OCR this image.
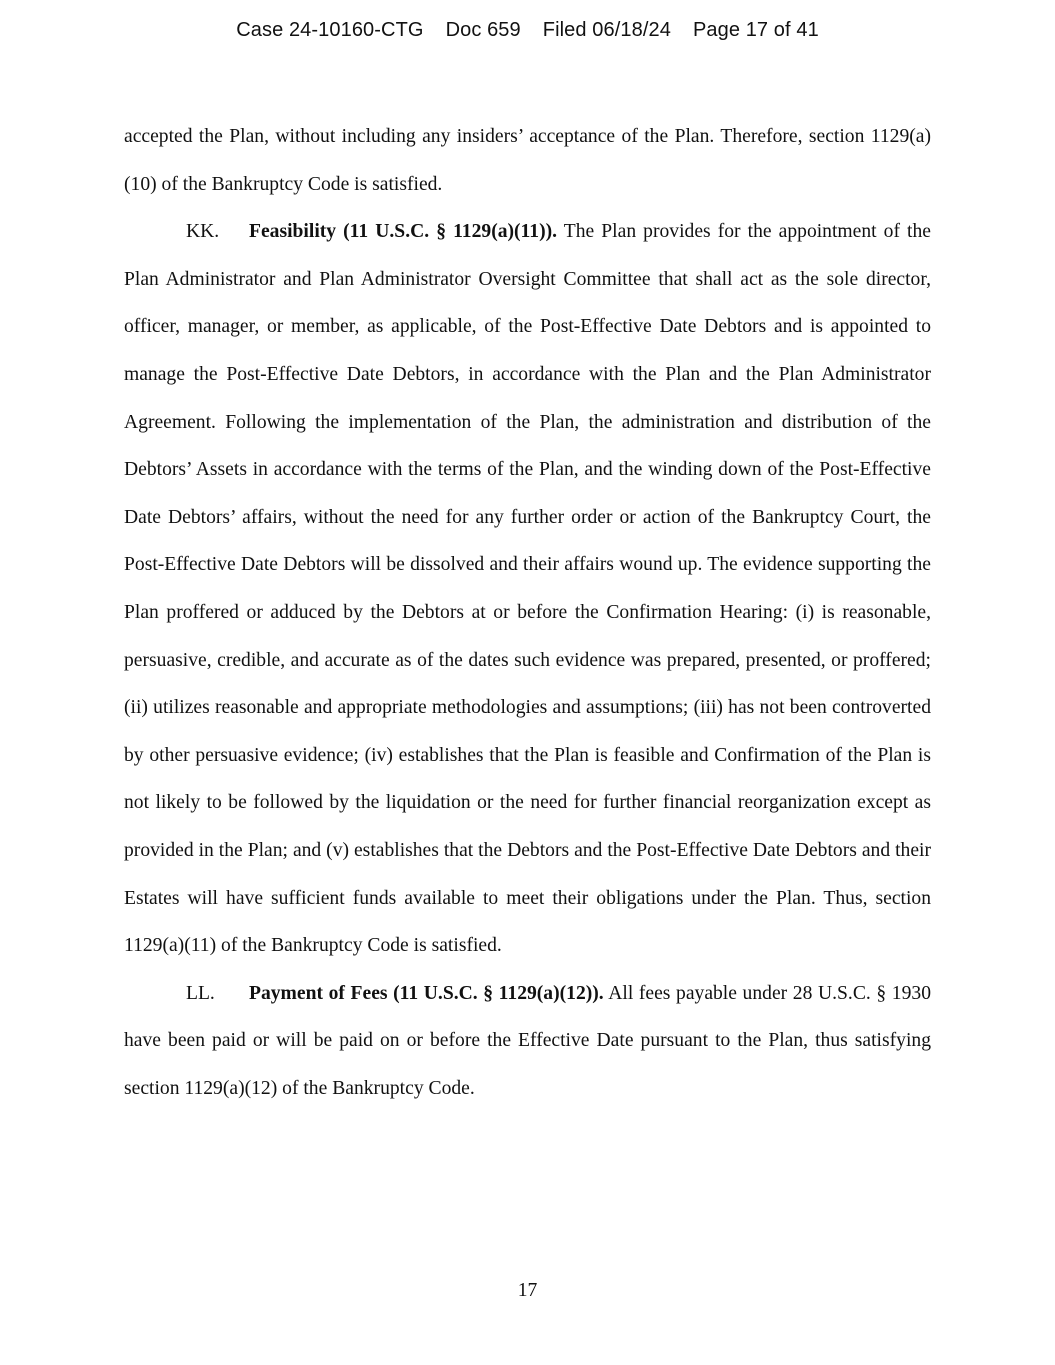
Case 24-10160-CTG Doc 659 Filed 06/18/24 Page 17 of 41

accepted the Plan, without including any insiders’ acceptance of the Plan. Therefore, section 1129(a)(10) of the Bankruptcy Code is satisfied.

KK. Feasibility (11 U.S.C. § 1129(a)(11)). The Plan provides for the appointment of the Plan Administrator and Plan Administrator Oversight Committee that shall act as the sole director, officer, manager, or member, as applicable, of the Post-Effective Date Debtors and is appointed to manage the Post-Effective Date Debtors, in accordance with the Plan and the Plan Administrator Agreement. Following the implementation of the Plan, the administration and distribution of the Debtors’ Assets in accordance with the terms of the Plan, and the winding down of the Post-Effective Date Debtors’ affairs, without the need for any further order or action of the Bankruptcy Court, the Post-Effective Date Debtors will be dissolved and their affairs wound up. The evidence supporting the Plan proffered or adduced by the Debtors at or before the Confirmation Hearing: (i) is reasonable, persuasive, credible, and accurate as of the dates such evidence was prepared, presented, or proffered; (ii) utilizes reasonable and appropriate methodologies and assumptions; (iii) has not been controverted by other persuasive evidence; (iv) establishes that the Plan is feasible and Confirmation of the Plan is not likely to be followed by the liquidation or the need for further financial reorganization except as provided in the Plan; and (v) establishes that the Debtors and the Post-Effective Date Debtors and their Estates will have sufficient funds available to meet their obligations under the Plan. Thus, section 1129(a)(11) of the Bankruptcy Code is satisfied.

LL. Payment of Fees (11 U.S.C. § 1129(a)(12)). All fees payable under 28 U.S.C. § 1930 have been paid or will be paid on or before the Effective Date pursuant to the Plan, thus satisfying section 1129(a)(12) of the Bankruptcy Code.

17
